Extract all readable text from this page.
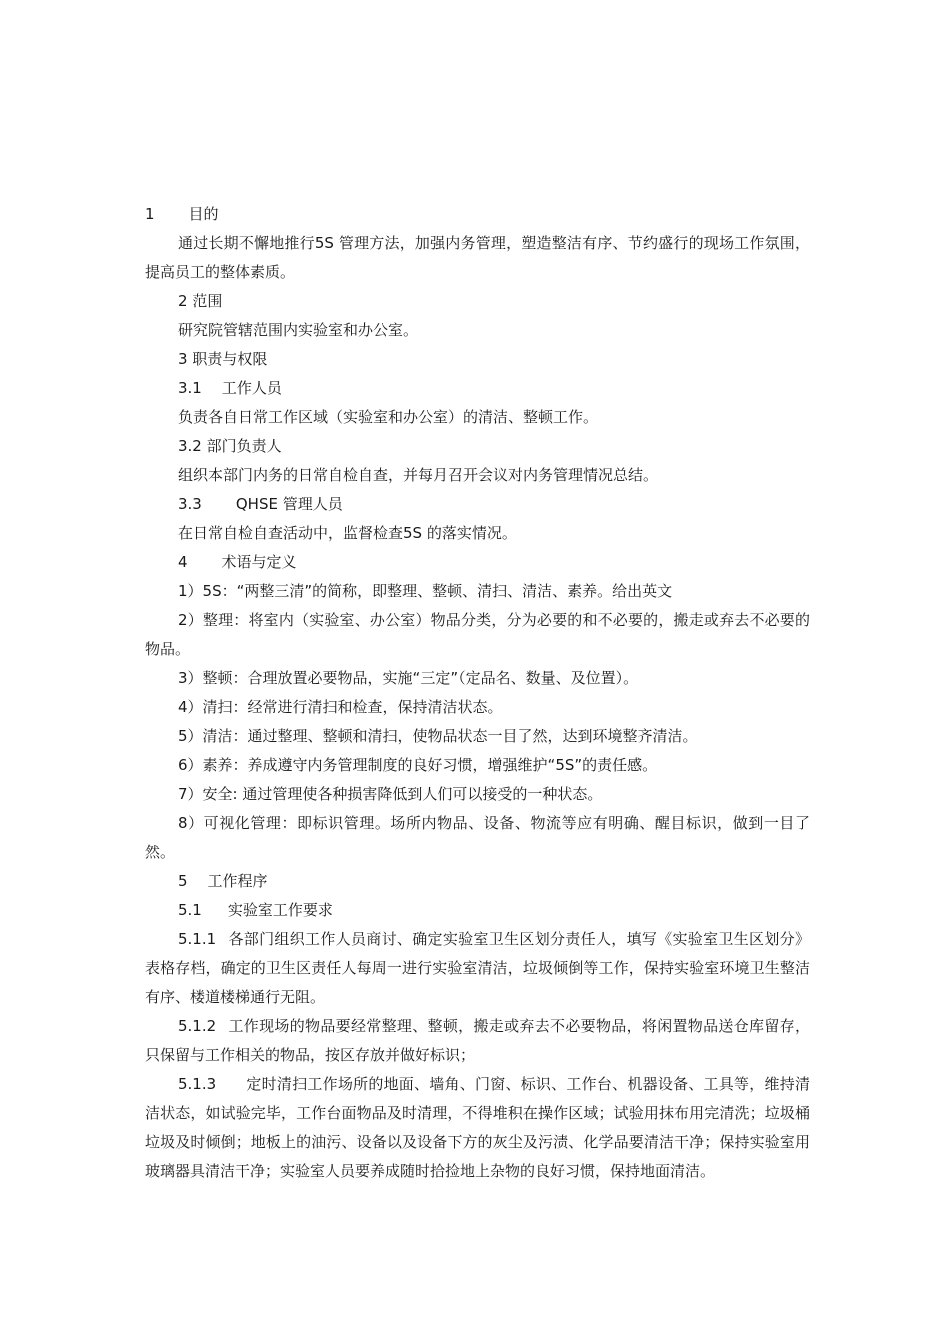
1 目的
通过长期不懈地推行5S 管理方法，加强内务管理，塑造整洁有序、节约盛行的现场工作氛围，提高员工的整体素质。
2 范围
研究院管辖范围内实验室和办公室。
3 职责与权限
3.1 工作人员
负责各自日常工作区域（实验室和办公室）的清洁、整顿工作。
3.2 部门负责人
组织本部门内务的日常自检自查，并每月召开会议对内务管理情况总结。
3.3 QHSE 管理人员
在日常自检自查活动中，监督检查5S 的落实情况。
4 术语与定义
1）5S：“两整三清”的简称，即整理、整顿、清扫、清洁、素养。给出英文
2）整理：将室内（实验室、办公室）物品分类，分为必要的和不必要的，搬走或弃去不必要的物品。
3）整顿：合理放置必要物品，实施“三定”（定品名、数量、及位置）。
4）清扫：经常进行清扫和检查，保持清洁状态。
5）清洁：通过整理、整顿和清扫，使物品状态一目了然，达到环境整齐清洁。
6）素养：养成遵守内务管理制度的良好习惯，增强维护“5S”的责任感。
7）安全: 通过管理使各种损害降低到人们可以接受的一种状态。
8）可视化管理：即标识管理。场所内物品、设备、物流等应有明确、醒目标识，做到一目了然。
5 工作程序
5.1 实验室工作要求
5.1.1 各部门组织工作人员商讨、确定实验室卫生区划分责任人，填写《实验室卫生区划分》表格存档，确定的卫生区责任人每周一进行实验室清洁，垃圾倾倒等工作，保持实验室环境卫生整洁有序、楼道楼梯通行无阻。
5.1.2 工作现场的物品要经常整理、整顿，搬走或弃去不必要物品，将闲置物品送仓库留存，只保留与工作相关的物品，按区存放并做好标识；
5.1.3 定时清扫工作场所的地面、墙角、门窗、标识、工作台、机器设备、工具等，维持清洁状态，如试验完毕，工作台面物品及时清理，不得堆积在操作区域；试验用抹布用完清洗；垃圾桶垃圾及时倾倒；地板上的油污、设备以及设备下方的灰尘及污渍、化学品要清洁干净；保持实验室用玻璃器具清洁干净；实验室人员要养成随时拾捡地上杂物的良好习惯，保持地面清洁。
